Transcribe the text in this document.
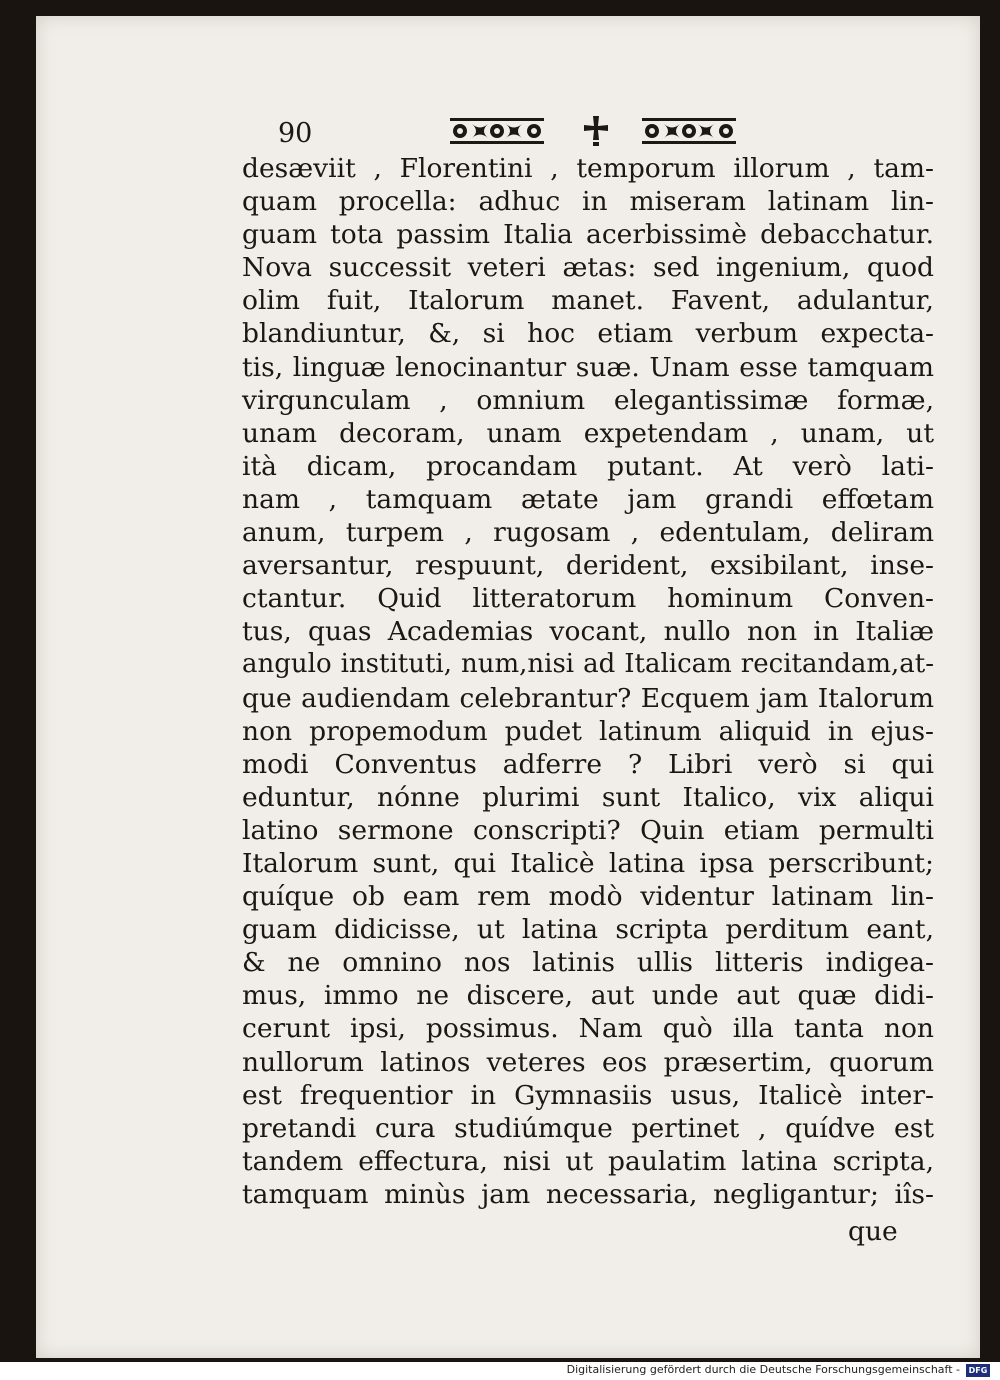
90
desæviit , Florentini , temporum illorum , tam-
quam procella: adhuc in miseram latinam lin-
guam tota passim Italia acerbissimè debacchatur.
Nova successit veteri ætas: sed ingenium, quod
olim fuit, Italorum manet. Favent, adulantur,
blandiuntur, &, si hoc etiam verbum expecta-
tis, linguæ lenocinantur suæ. Unam esse tamquam
virgunculam , omnium elegantissimæ formæ,
unam decoram, unam expetendam , unam, ut
ità dicam, procandam putant. At verò lati-
nam , tamquam ætate jam grandi effœtam
anum, turpem , rugosam , edentulam, deliram
aversantur, respuunt, derident, exsibilant, inse-
ctantur. Quid litteratorum hominum Conven-
tus, quas Academias vocant, nullo non in Italiæ
angulo instituti, num,nisi ad Italicam recitandam,at-
que audiendam celebrantur? Ecquem jam Italorum
non propemodum pudet latinum aliquid in ejus-
modi Conventus adferre ? Libri verò si qui
eduntur, nónne plurimi sunt Italico, vix aliqui
latino sermone conscripti? Quin etiam permulti
Italorum sunt, qui Italicè latina ipsa perscribunt;
quíque ob eam rem modò videntur latinam lin-
guam didicisse, ut latina scripta perditum eant,
& ne omnino nos latinis ullis litteris indigea-
mus, immo ne discere, aut unde aut quæ didi-
cerunt ipsi, possimus. Nam quò illa tanta non
nullorum latinos veteres eos præsertim, quorum
est frequentior in Gymnasiis usus, Italicè inter-
pretandi cura studiúmque pertinet , quídve est
tandem effectura, nisi ut paulatim latina scripta,
tamquam minùs jam necessaria, negligantur; iîs-
que
Digitalisierung gefördert durch die Deutsche Forschungsgemeinschaft -	DFG
